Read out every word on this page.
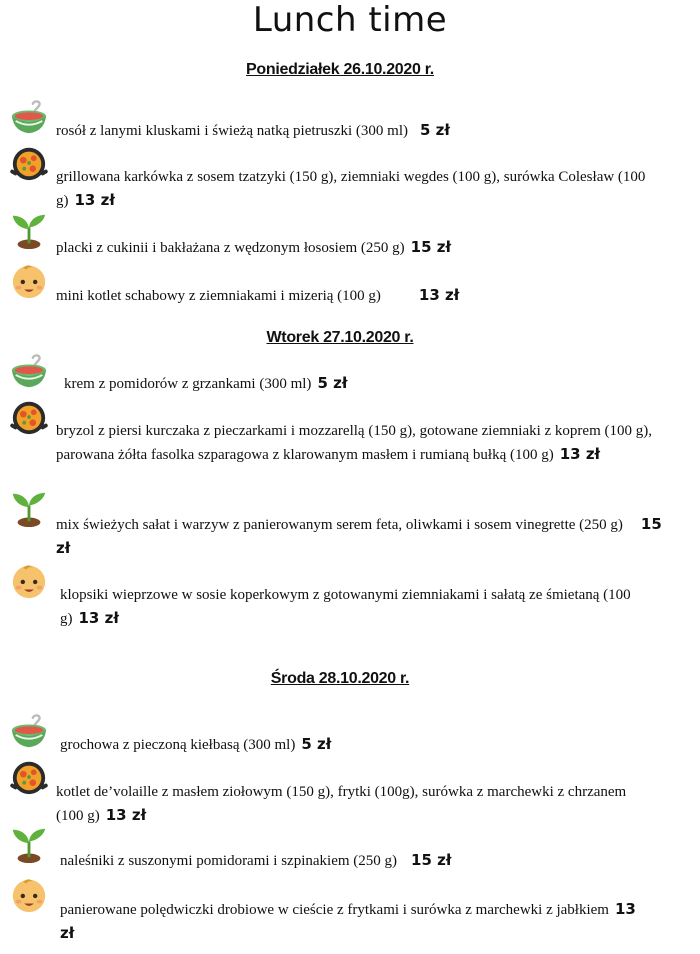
Lunch time
Poniedziałek 26.10.2020 r.
rosół z lanymi kluskami i świeżą natką pietruszki (300 ml) 5 zł
grillowana karkówka z sosem tzatzyki (150 g), ziemniaki wegdes (100 g), surówka Colesław (100 g) 13 zł
placki z cukinii i bakłażana z wędzonym łososiem (250 g) 15 zł
mini kotlet schabowy z ziemniakami i mizerią (100 g)	13 zł
Wtorek 27.10.2020 r.
krem z pomidorów z grzankami (300 ml) 5 zł
bryzol z piersi kurczaka z pieczarkami i mozzarellą (150 g), gotowane ziemniaki z koprem (100 g), parowana żółta fasolka szparagowa z klarowanym masłem i rumianą bułką (100 g) 13 zł
mix świeżych sałat i warzyw z panierowanym serem feta, oliwkami i sosem vinegrette (250 g) 15 zł
klopsiki wieprzowe w sosie koperkowym z gotowanymi ziemniakami i sałatą ze śmietaną (100 g) 13 zł
Środa 28.10.2020 r.
grochowa z pieczoną kiełbasą (300 ml) 5 zł
kotlet de’volaille z masłem ziołowym (150 g), frytki (100g), surówka z marchewki z chrzanem (100 g) 13 zł
naleśniki z suszonymi pomidorami i szpinakiem (250 g) 15 zł
panierowane polędwiczki drobiowe w cieście z frytkami i surówka z marchewki z jabłkiem 13 zł
